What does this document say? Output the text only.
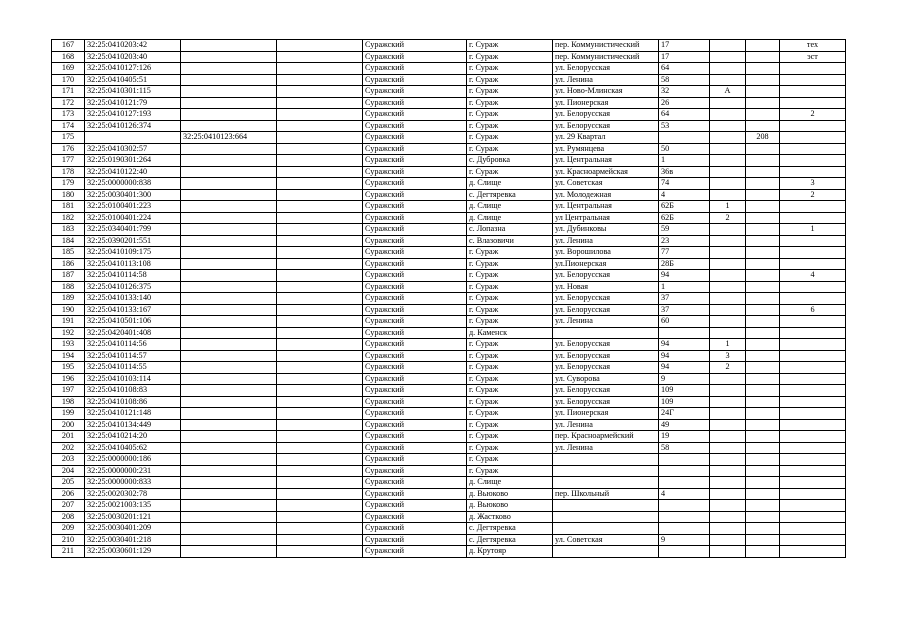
167	32:25:0410203:42			Суражский	г. Сураж	пер. Коммунистический	17			тех
168	32:25:0410203:40			Суражский	г. Сураж	пер. Коммунистический	17			эст
169	32:25:0410127:126			Суражский	г. Сураж	ул. Белорусская	64			
170	32:25:0410405:51			Суражский	г. Сураж	ул. Ленина	58			
171	32:25:0410301:115			Суражский	г. Сураж	ул. Ново-Млинская	32	А		
172	32:25:0410121:79			Суражский	г. Сураж	ул. Пионерская	26			
173	32:25:0410127:193			Суражский	г. Сураж	ул. Белорусская	64			2
174	32:25:0410126:374			Суражский	г. Сураж	ул. Белорусская	53			
175		32:25:0410123:664		Суражский	г. Сураж	ул. 29 Квартал			208	
176	32:25:0410302:57			Суражский	г. Сураж	ул. Румянцева	50			
177	32:25:0190301:264			Суражский	с. Дубровка	ул. Центральная	1			
178	32:25:0410122:40			Суражский	г. Сураж	ул. Красноармейская	36в			
179	32:25:0000000:838			Суражский	д. Слище	ул. Советская	74			3
180	32:25:0030401:300			Суражский	с. Дегтяревка	ул. Молодежная	4			2
181	32:25:0100401:223			Суражский	д. Слище	ул. Центральная	62Б	1		
182	32:25:0100401:224			Суражский	д. Слище	ул Центральная	62Б	2		
183	32:25:0340401:799			Суражский	с. Лопазна	ул. Дубинковы	59			1
184	32:25:0390201:551			Суражский	с. Влазовичи	ул. Ленина	23			
185	32:25:0410109:175			Суражский	г. Сураж	ул. Ворошилова	77			
186	32:25:0410113:108			Суражский	г. Сураж	ул.Пионерская	28Б			
187	32:25:0410114:58			Суражский	г. Сураж	ул. Белорусская	94			4
188	32:25:0410126:375			Суражский	г. Сураж	ул. Новая	1			
189	32:25:0410133:140			Суражский	г. Сураж	ул. Белорусская	37			
190	32:25:0410133:167			Суражский	г. Сураж	ул. Белорусская	37			6
191	32:25:0410501:106			Суражский	г. Сураж	ул. Ленина	60			
192	32:25:0420401:408			Суражский	д. Каменск					
193	32:25:0410114:56			Суражский	г. Сураж	ул. Белорусская	94	1		
194	32:25:0410114:57			Суражский	г. Сураж	ул. Белорусская	94	3		
195	32:25:0410114:55			Суражский	г. Сураж	ул. Белорусская	94	2		
196	32:25:0410103:114			Суражский	г. Сураж	ул. Суворова	9			
197	32:25:0410108:83			Суражский	г. Сураж	ул. Белорусская	109			
198	32:25:0410108:86			Суражский	г. Сураж	ул. Белорусская	109			
199	32:25:0410121:148			Суражский	г. Сураж	ул. Пионерская	24Г			
200	32:25:0410134:449			Суражский	г. Сураж	ул. Ленина	49			
201	32:25:0410214:20			Суражский	г. Сураж	пер. Красноармейский	19			
202	32:25:0410405:62			Суражский	г. Сураж	ул. Ленина	58			
203	32:25:0000000:186			Суражский	г. Сураж					
204	32:25:0000000:231			Суражский	г. Сураж					
205	32:25:0000000:833			Суражский	д. Слище					
206	32:25:0020302:78			Суражский	д. Вьюково	пер. Школьный	4			
207	32:25:0021003:135			Суражский	д. Вьюково					
208	32:25:0030201:121			Суражский	д. Жастково					
209	32:25:0030401:209			Суражский	с. Дегтяревка					
210	32:25:0030401:218			Суражский	с. Дегтяревка	ул. Советская	9			
211	32:25:0030601:129			Суражский	д. Крутояр					
